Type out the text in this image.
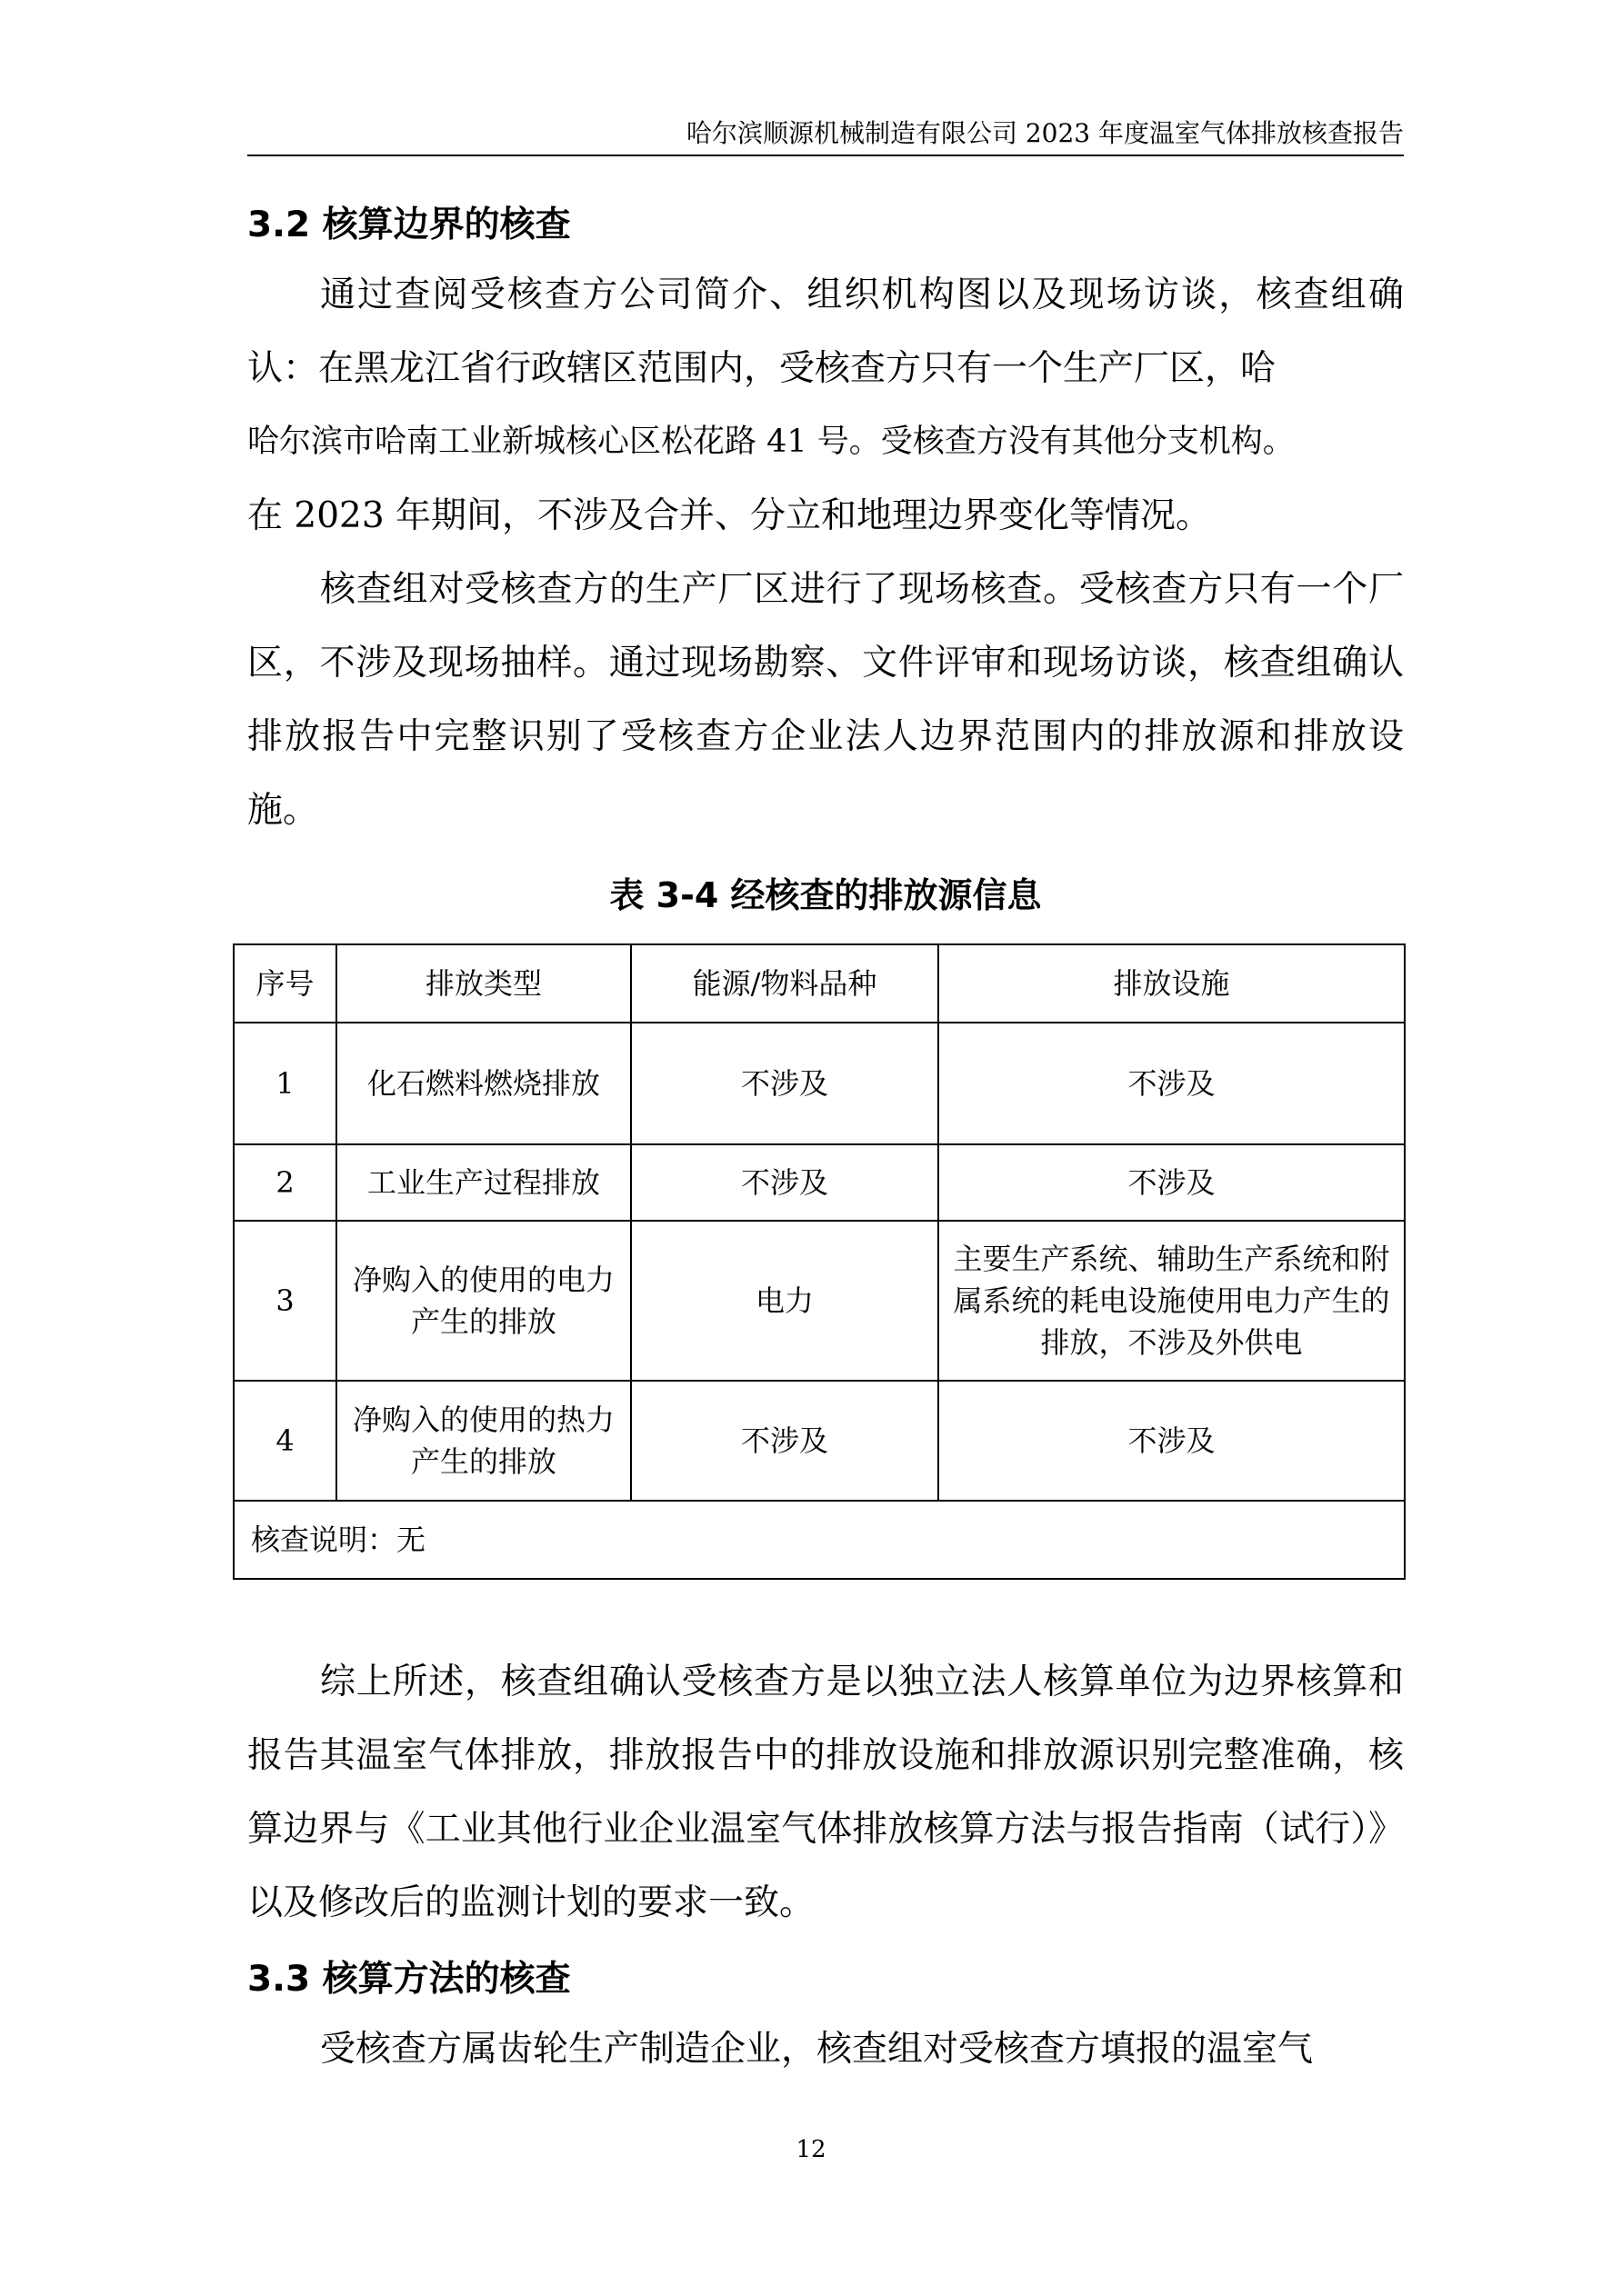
哈尔滨顺源机械制造有限公司 2023 年度温室气体排放核查报告
3.2 核算边界的核查

通过查阅受核查方公司简介、组织机构图以及现场访谈，核查组确认：在黑龙江省行政辖区范围内，受核查方只有一个生产厂区，哈

哈尔滨市哈南工业新城核心区松花路 41 号。受核查方没有其他分支机构。

在 2023 年期间，不涉及合并、分立和地理边界变化等情况。

核查组对受核查方的生产厂区进行了现场核查。受核查方只有一个厂区，不涉及现场抽样。通过现场勘察、文件评审和现场访谈，核查组确认排放报告中完整识别了受核查方企业法人边界范围内的排放源和排放设施。

表 3-4 经核查的排放源信息
序号	排放类型	能源/物料品种	排放设施
1	化石燃料燃烧排放	不涉及	不涉及
2	工业生产过程排放	不涉及	不涉及
3	净购入的使用的电力产生的排放	电力	主要生产系统、辅助生产系统和附属系统的耗电设施使用电力产生的排放，不涉及外供电
4	净购入的使用的热力产生的排放	不涉及	不涉及
核查说明：无			

综上所述，核查组确认受核查方是以独立法人核算单位为边界核算和报告其温室气体排放，排放报告中的排放设施和排放源识别完整准确，核算边界与《工业其他行业企业温室气体排放核算方法与报告指南（试行）》以及修改后的监测计划的要求一致。

3.3 核算方法的核查

受核查方属齿轮生产制造企业，核查组对受核查方填报的温室气

12
